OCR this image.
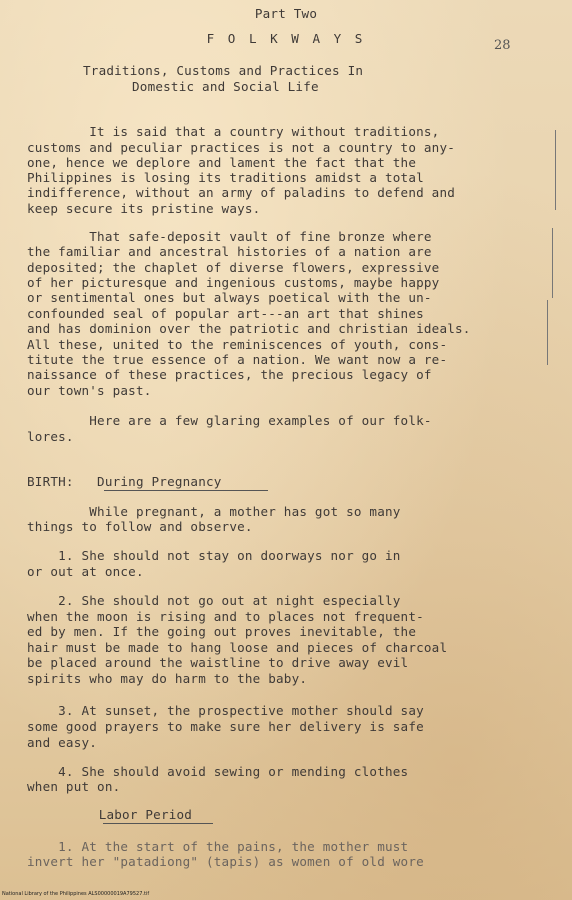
Part Two
F O L K W A Y S	28
Traditions, Customs and Practices In
Domestic and Social Life
It is said that a country without traditions,
customs and peculiar practices is not a country to any-
one, hence we deplore and lament the fact that the
Philippines is losing its traditions amidst a total
indifference, without an army of paladins to defend and
keep secure its pristine ways.
That safe-deposit vault of fine bronze where
the familiar and ancestral histories of a nation are
deposited; the chaplet of diverse flowers, expressive
of her picturesque and ingenious customs, maybe happy
or sentimental ones but always poetical with the un-
confounded seal of popular art---an art that shines
and has dominion over the patriotic and christian ideals.
All these, united to the reminiscences of youth, cons-
titute the true essence of a nation. We want now a re-
naissance of these practices, the precious legacy of
our town's past.
Here are a few glaring examples of our folk-
lores.
BIRTH:   During Pregnancy
While pregnant, a mother has got so many
things to follow and observe.
1. She should not stay on doorways nor go in
or out at once.
2. She should not go out at night especially
when the moon is rising and to places not frequent-
ed by men. If the going out proves inevitable, the
hair must be made to hang loose and pieces of charcoal
be placed around the waistline to drive away evil
spirits who may do harm to the baby.
3. At sunset, the prospective mother should say
some good prayers to make sure her delivery is safe
and easy.
4. She should avoid sewing or mending clothes
when put on.
Labor Period
1. At the start of the pains, the mother must
invert her "patadiong" (tapis) as women of old wore
National Library of the Philippines ALS00000019A79527.tif
